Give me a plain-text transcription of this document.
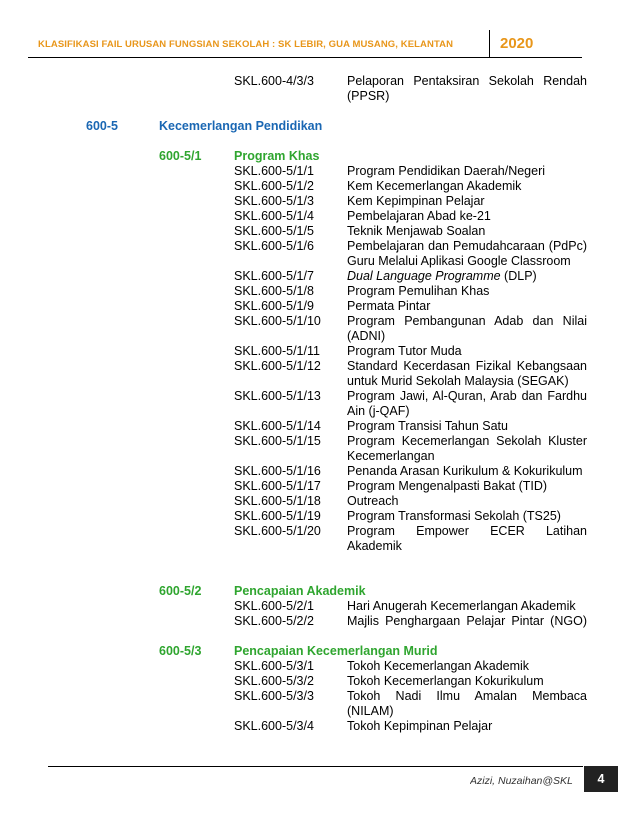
KLASIFIKASI FAIL URUSAN FUNGSIAN SEKOLAH : SK LEBIR, GUA MUSANG, KELANTAN	2020
SKL.600-4/3/3	Pelaporan Pentaksiran Sekolah Rendah (PPSR)
600-5	Kecemerlangan Pendidikan
600-5/1	Program Khas
SKL.600-5/1/1	Program Pendidikan Daerah/Negeri
SKL.600-5/1/2	Kem Kecemerlangan Akademik
SKL.600-5/1/3	Kem Kepimpinan Pelajar
SKL.600-5/1/4	Pembelajaran Abad ke-21
SKL.600-5/1/5	Teknik Menjawab Soalan
SKL.600-5/1/6	Pembelajaran dan Pemudahcaraan (PdPc) Guru Melalui Aplikasi Google Classroom
SKL.600-5/1/7	Dual Language Programme (DLP)
SKL.600-5/1/8	Program Pemulihan Khas
SKL.600-5/1/9	Permata Pintar
SKL.600-5/1/10 Program Pembangunan Adab dan Nilai (ADNI)
SKL.600-5/1/11 Program Tutor Muda
SKL.600-5/1/12 Standard Kecerdasan Fizikal Kebangsaan untuk Murid Sekolah Malaysia (SEGAK)
SKL.600-5/1/13 Program Jawi, Al-Quran, Arab dan Fardhu Ain (j-QAF)
SKL.600-5/1/14 Program Transisi Tahun Satu
SKL.600-5/1/15 Program Kecemerlangan Sekolah Kluster Kecemerlangan
SKL.600-5/1/16 Penanda Arasan Kurikulum & Kokurikulum
SKL.600-5/1/17 Program Mengenalpasti Bakat (TID)
SKL.600-5/1/18 Outreach
SKL.600-5/1/19 Program Transformasi Sekolah (TS25)
SKL.600-5/1/20 Program Empower ECER Latihan Akademik
600-5/2	Pencapaian Akademik
SKL.600-5/2/1	Hari Anugerah Kecemerlangan Akademik
SKL.600-5/2/2	Majlis Penghargaan Pelajar Pintar (NGO)
600-5/3	Pencapaian Kecemerlangan Murid
SKL.600-5/3/1	Tokoh Kecemerlangan Akademik
SKL.600-5/3/2	Tokoh Kecemerlangan Kokurikulum
SKL.600-5/3/3	Tokoh Nadi Ilmu Amalan Membaca (NILAM)
SKL.600-5/3/4	Tokoh Kepimpinan Pelajar
Azizi, Nuzaihan@SKL	4
